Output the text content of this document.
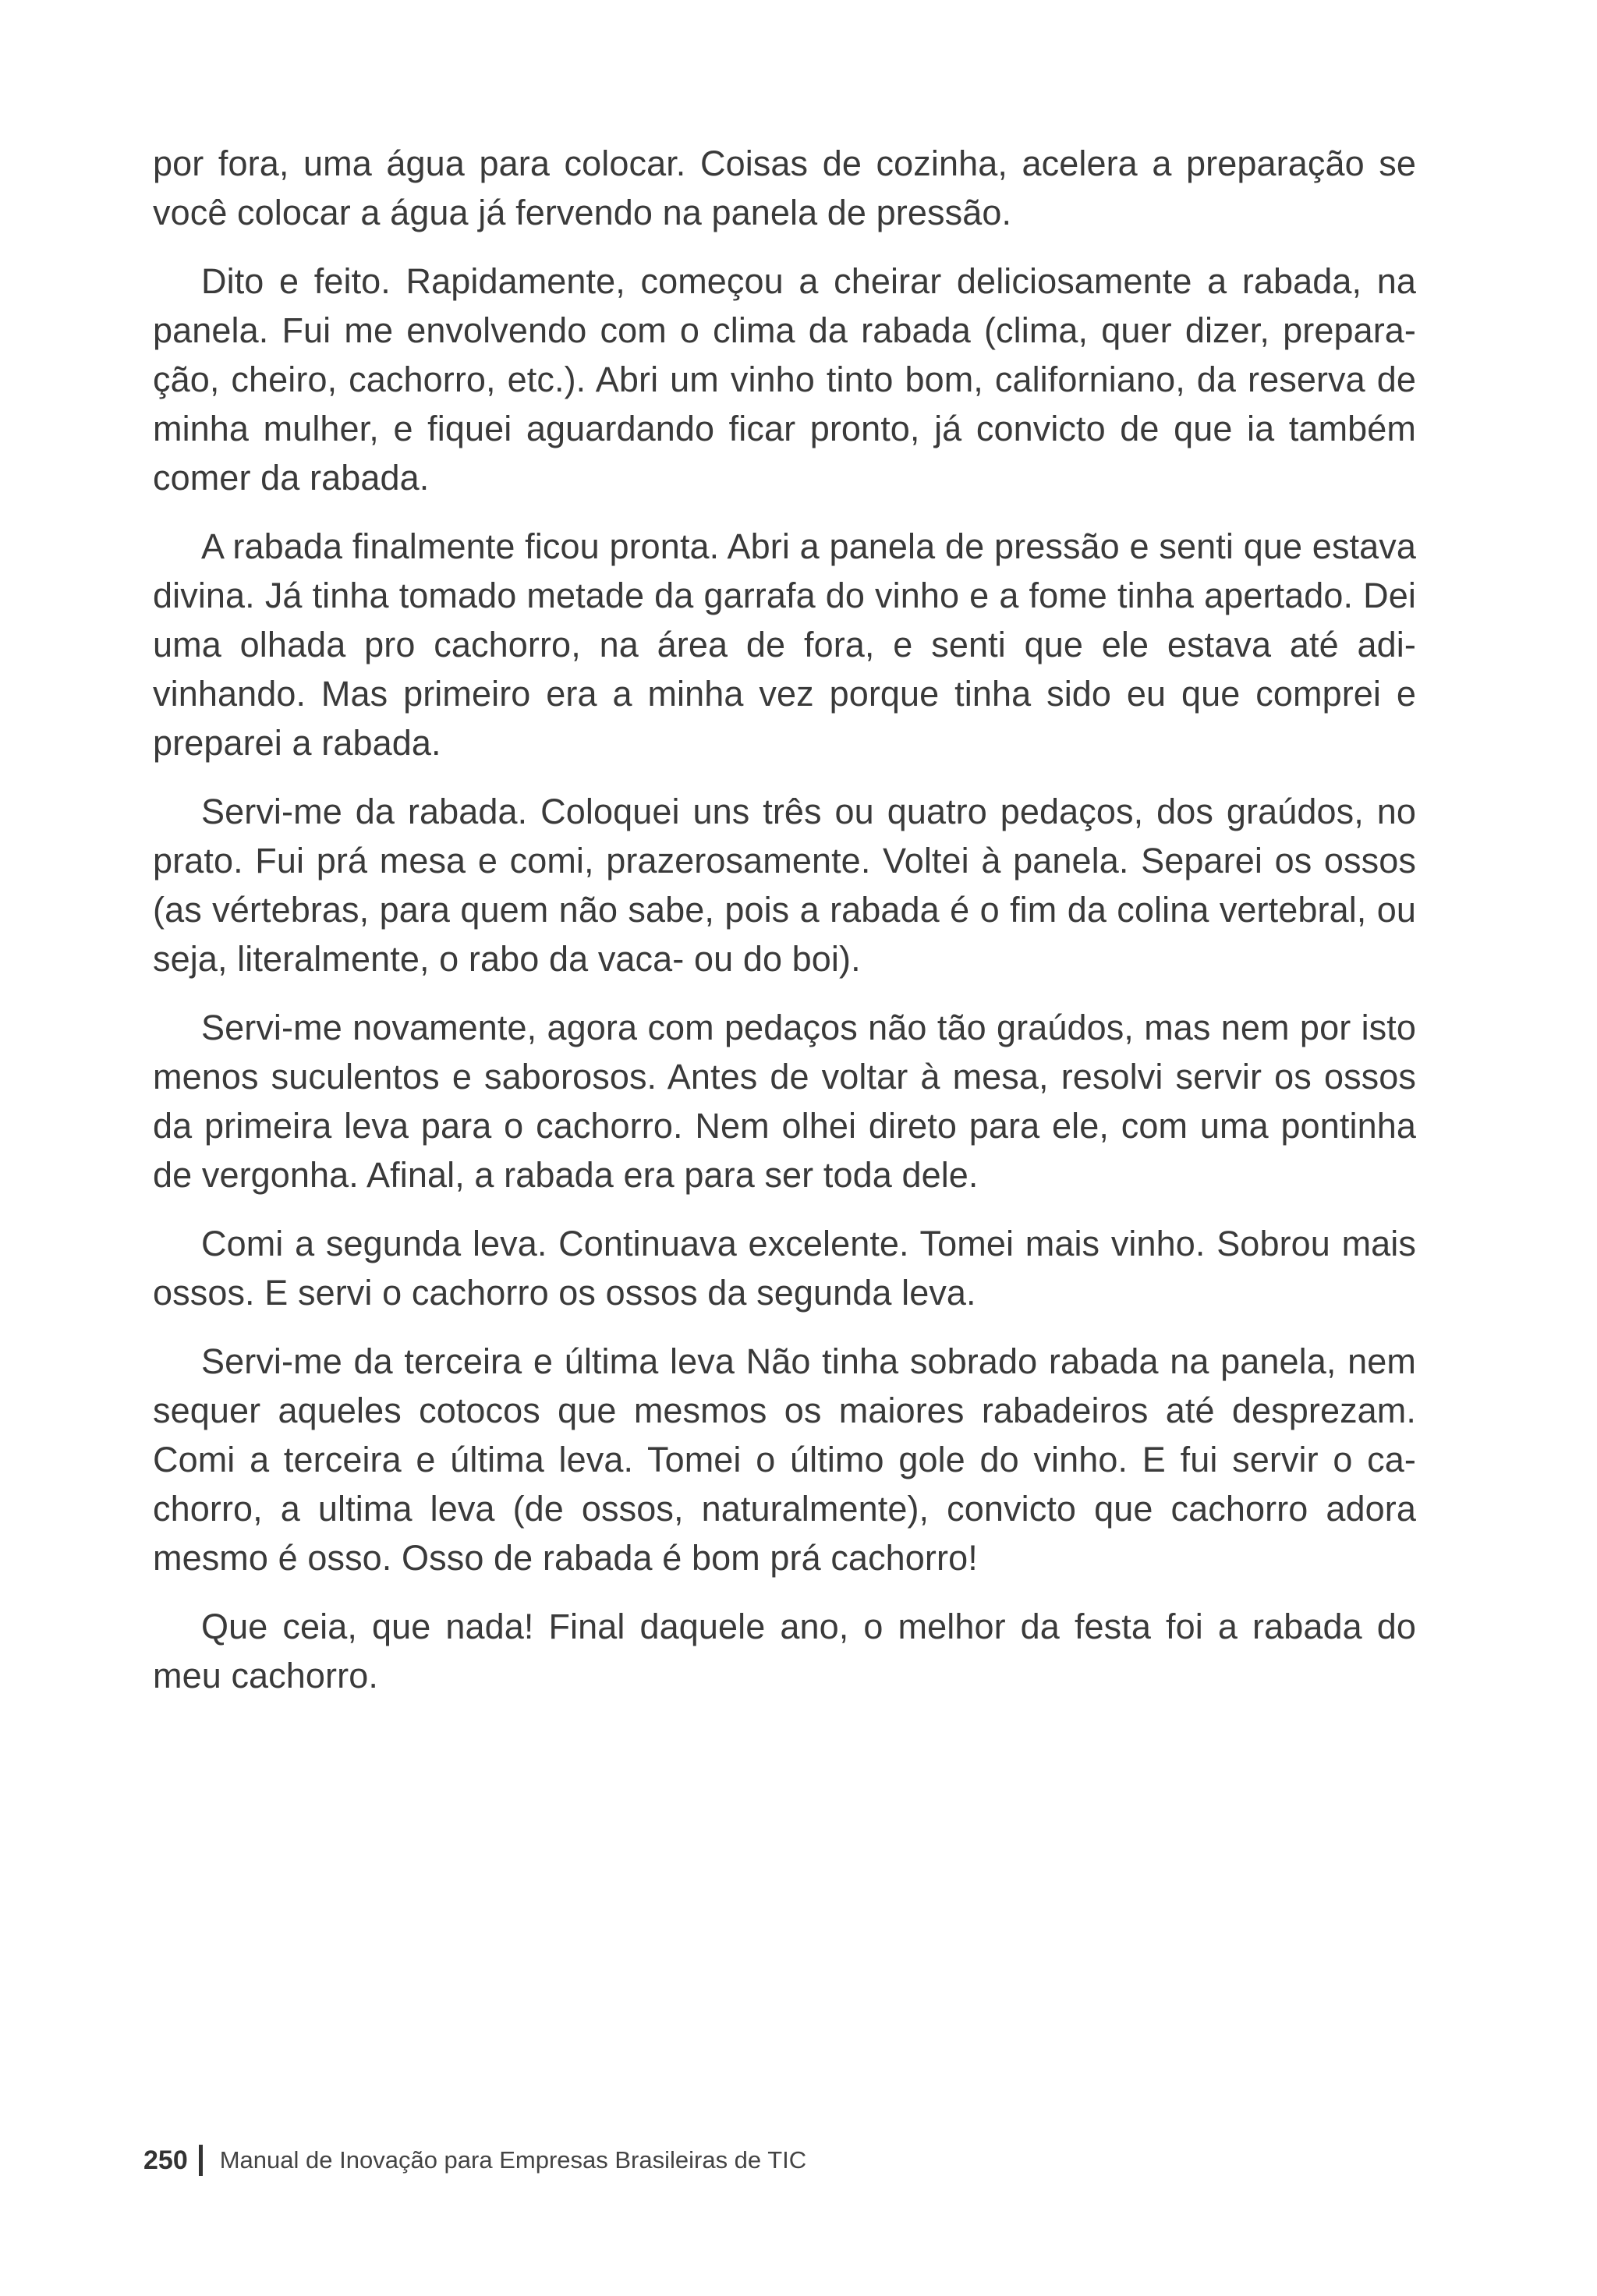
por fora, uma água para colocar. Coisas de cozinha, acelera a preparação se você colocar a água já fervendo na panela de pressão.

Dito e feito. Rapidamente, começou a cheirar deliciosamente a rabada, na panela. Fui me envolvendo com o clima da rabada (clima, quer dizer, prepara-ção, cheiro, cachorro, etc.). Abri um vinho tinto bom, californiano, da reserva de minha mulher, e fiquei aguardando ficar pronto, já convicto de que ia também comer da rabada.

A rabada finalmente ficou pronta. Abri a panela de pressão e senti que estava divina. Já tinha tomado metade da garrafa do vinho e a fome tinha apertado. Dei uma olhada pro cachorro, na área de fora, e senti que ele estava até adi-vinhando. Mas primeiro era a minha vez porque tinha sido eu que comprei e preparei a rabada.

Servi-me da rabada. Coloquei uns três ou quatro pedaços, dos graúdos, no prato. Fui prá mesa e comi, prazerosamente. Voltei à panela. Separei os ossos (as vértebras, para quem não sabe, pois a rabada é o fim da colina vertebral, ou seja, literalmente, o rabo da vaca- ou do boi).

Servi-me novamente, agora com pedaços não tão graúdos, mas nem por isto menos suculentos e saborosos. Antes de voltar à mesa, resolvi servir os ossos da primeira leva para o cachorro. Nem olhei direto para ele, com uma pontinha de vergonha. Afinal, a rabada era para ser toda dele.

Comi a segunda leva. Continuava excelente. Tomei mais vinho. Sobrou mais ossos. E servi o cachorro os ossos da segunda leva.

Servi-me da terceira e última leva Não tinha sobrado rabada na panela, nem sequer aqueles cotocos que mesmos os maiores rabadeiros até desprezam. Comi a terceira e última leva. Tomei o último gole do vinho. E fui servir o ca-chorro, a ultima leva (de ossos, naturalmente), convicto que cachorro adora mesmo é osso. Osso de rabada é bom prá cachorro!

Que ceia, que nada! Final daquele ano, o melhor da festa foi a rabada do meu cachorro.

250 Manual de Inovação para Empresas Brasileiras de TIC
